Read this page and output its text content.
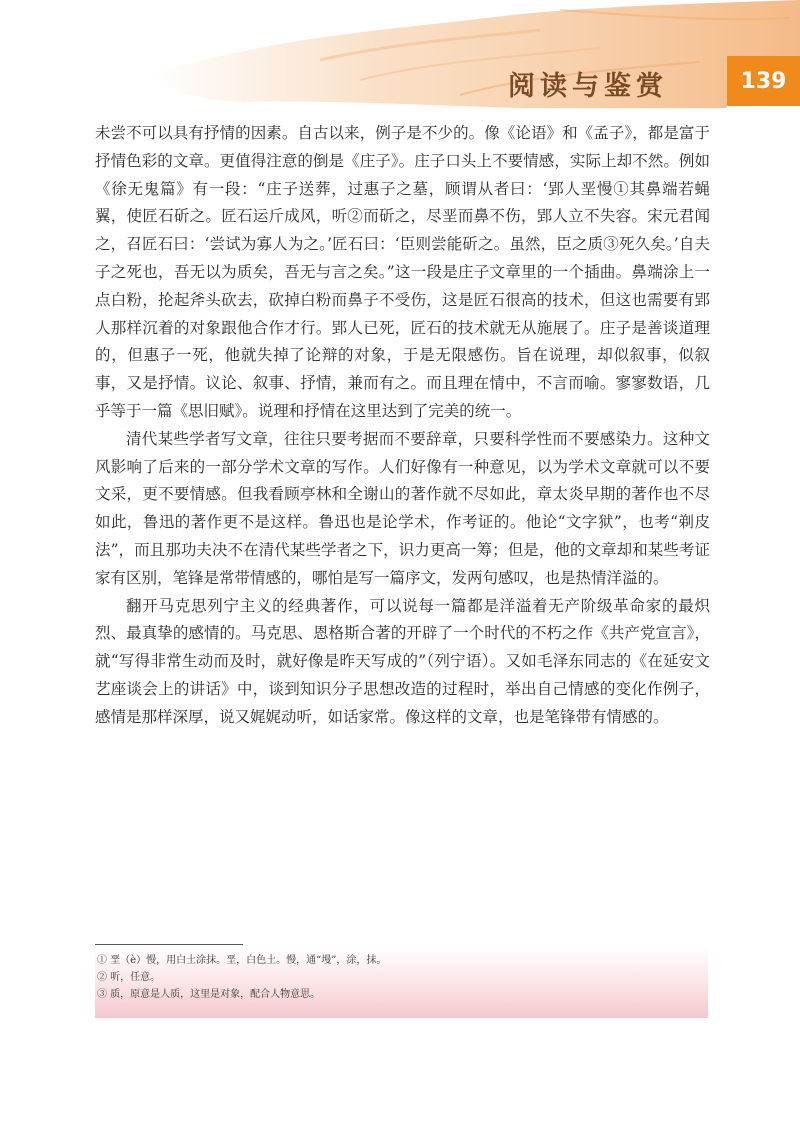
阅读与鉴赏	139

未尝不可以具有抒情的因素。自古以来，例子是不少的。像《论语》和《孟子》，都是富于抒情色彩的文章。更值得注意的倒是《庄子》。庄子口头上不要情感，实际上却不然。例如《徐无鬼篇》有一段：“庄子送葬，过惠子之墓，顾谓从者曰：‘郢人垩慢①其鼻端若蝇翼，使匠石斫之。匠石运斤成风，听②而斫之，尽垩而鼻不伤，郢人立不失容。宋元君闻之，召匠石曰：‘尝试为寡人为之。’匠石曰：‘臣则尝能斫之。虽然，臣之质③死久矣。’自夫子之死也，吾无以为质矣，吾无与言之矣。”这一段是庄子文章里的一个插曲。鼻端涂上一点白粉，抡起斧头砍去，砍掉白粉而鼻子不受伤，这是匠石很高的技术，但这也需要有郢人那样沉着的对象跟他合作才行。郢人已死，匠石的技术就无从施展了。庄子是善谈道理的，但惠子一死，他就失掉了论辩的对象，于是无限感伤。旨在说理，却似叙事，似叙事，又是抒情。议论、叙事、抒情，兼而有之。而且理在情中，不言而喻。寥寥数语，几乎等于一篇《思旧赋》。说理和抒情在这里达到了完美的统一。

清代某些学者写文章，往往只要考据而不要辞章，只要科学性而不要感染力。这种文风影响了后来的一部分学术文章的写作。人们好像有一种意见，以为学术文章就可以不要文采，更不要情感。但我看顾亭林和全谢山的著作就不尽如此，章太炎早期的著作也不尽如此，鲁迅的著作更不是这样。鲁迅也是论学术，作考证的。他论“文字狱”，也考“剃皮法”，而且那功夫决不在清代某些学者之下，识力更高一筹；但是，他的文章却和某些考证家有区别，笔锋是常带情感的，哪怕是写一篇序文，发两句感叹，也是热情洋溢的。

翻开马克思列宁主义的经典著作，可以说每一篇都是洋溢着无产阶级革命家的最炽烈、最真挚的感情的。马克思、恩格斯合著的开辟了一个时代的不朽之作《共产党宣言》，就“写得非常生动而及时，就好像是昨天写成的”（列宁语）。又如毛泽东同志的《在延安文艺座谈会上的讲话》中，谈到知识分子思想改造的过程时，举出自己情感的变化作例子，感情是那样深厚，说又娓娓动听，如话家常。像这样的文章，也是笔锋带有情感的。

① 垩（è）慢，用白土涂抹。垩，白色土。慢，通“墁”，涂，抹。
② 听，任意。
③ 质，原意是人质，这里是对象，配合人物意思。
